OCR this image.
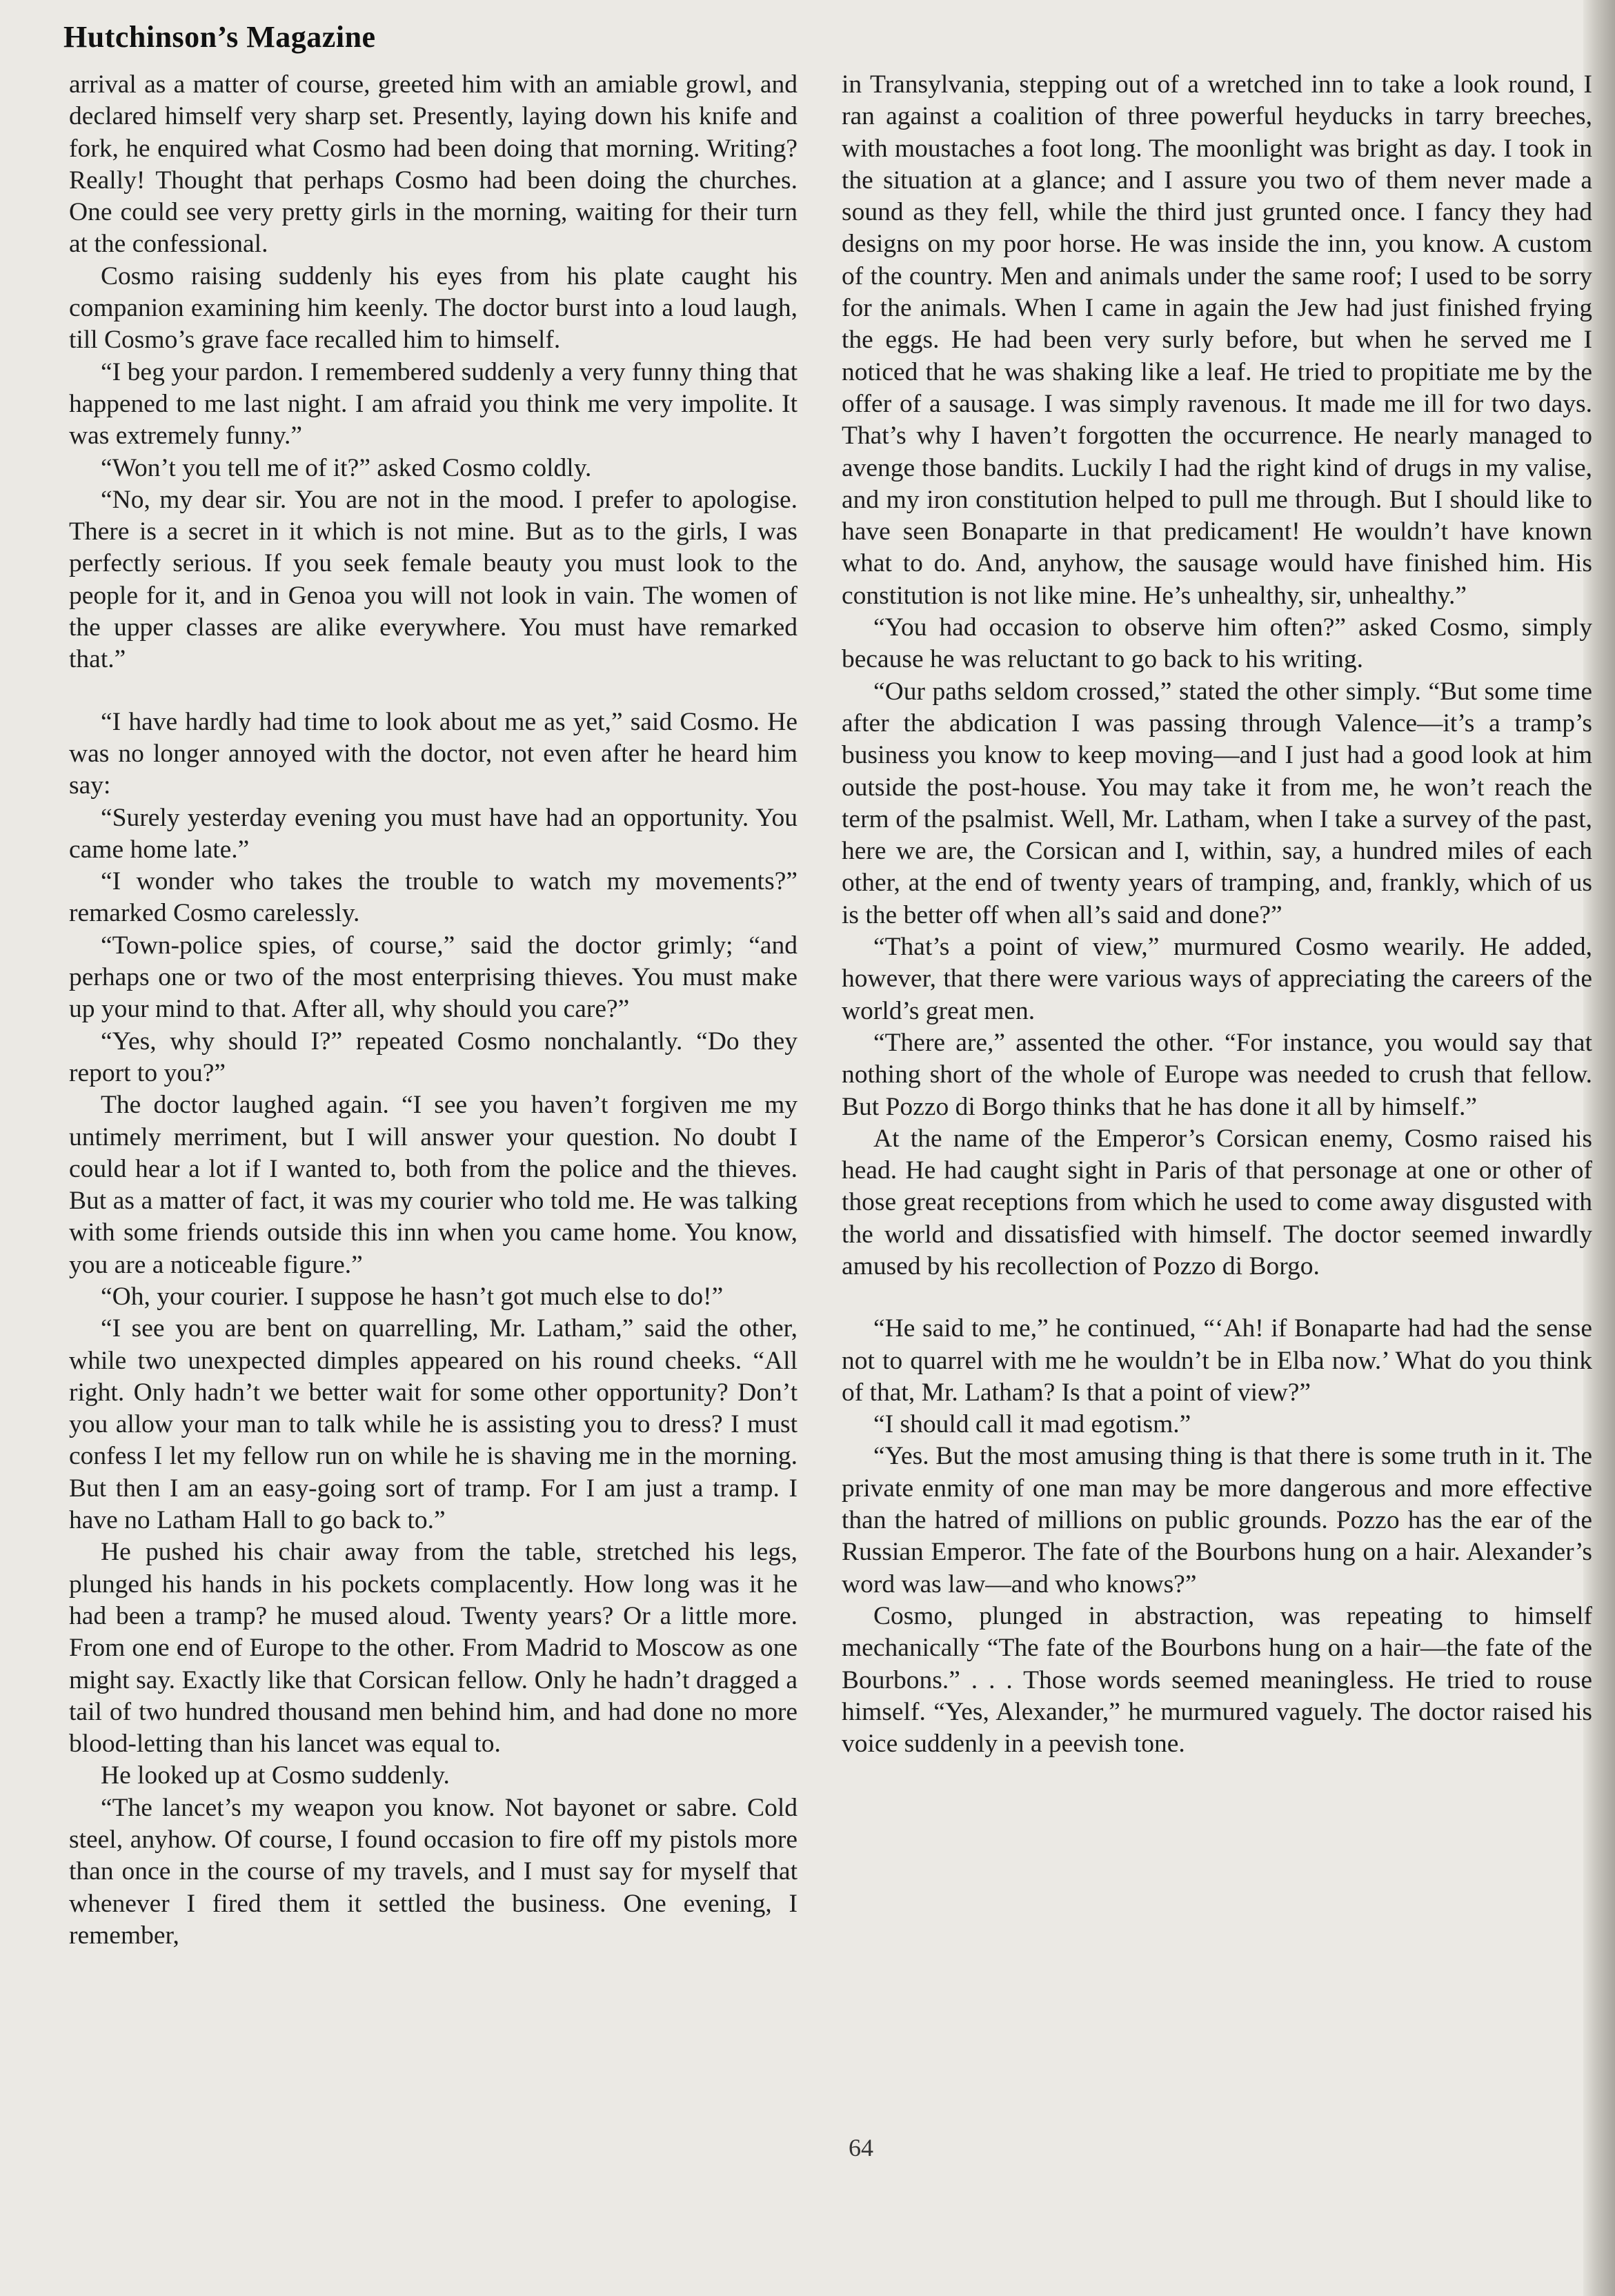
Hutchinson’s Magazine

arrival as a matter of course, greeted him with an amiable growl, and declared himself very sharp set. Presently, laying down his knife and fork, he enquired what Cosmo had been doing that morning. Writing? Really! Thought that perhaps Cosmo had been doing the churches. One could see very pretty girls in the morning, waiting for their turn at the confessional.

Cosmo raising suddenly his eyes from his plate caught his companion examining him keenly. The doctor burst into a loud laugh, till Cosmo’s grave face recalled him to himself.

“I beg your pardon. I remembered suddenly a very funny thing that happened to me last night. I am afraid you think me very impolite. It was extremely funny.”

“Won’t you tell me of it?” asked Cosmo coldly.

“No, my dear sir. You are not in the mood. I prefer to apologise. There is a secret in it which is not mine. But as to the girls, I was perfectly serious. If you seek female beauty you must look to the people for it, and in Genoa you will not look in vain. The women of the upper classes are alike everywhere. You must have remarked that.”

“I have hardly had time to look about me as yet,” said Cosmo. He was no longer annoyed with the doctor, not even after he heard him say:

“Surely yesterday evening you must have had an opportunity. You came home late.”

“I wonder who takes the trouble to watch my movements?” remarked Cosmo carelessly.

“Town-police spies, of course,” said the doctor grimly; “and perhaps one or two of the most enterprising thieves. You must make up your mind to that. After all, why should you care?”

“Yes, why should I?” repeated Cosmo nonchalantly. “Do they report to you?”

The doctor laughed again. “I see you haven’t forgiven me my untimely merriment, but I will answer your question. No doubt I could hear a lot if I wanted to, both from the police and the thieves. But as a matter of fact, it was my courier who told me. He was talking with some friends outside this inn when you came home. You know, you are a noticeable figure.”

“Oh, your courier. I suppose he hasn’t got much else to do!”

“I see you are bent on quarrelling, Mr. Latham,” said the other, while two unexpected dimples appeared on his round cheeks. “All right. Only hadn’t we better wait for some other opportunity? Don’t you allow your man to talk while he is assisting you to dress? I must confess I let my fellow run on while he is shaving me in the morning. But then I am an easy-going sort of tramp. For I am just a tramp. I have no Latham Hall to go back to.”

He pushed his chair away from the table, stretched his legs, plunged his hands in his pockets complacently. How long was it he had been a tramp? he mused aloud. Twenty years? Or a little more. From one end of Europe to the other. From Madrid to Moscow as one might say. Exactly like that Corsican fellow. Only he hadn’t dragged a tail of two hundred thousand men behind him, and had done no more blood-letting than his lancet was equal to.

He looked up at Cosmo suddenly.

“The lancet’s my weapon you know. Not bayonet or sabre. Cold steel, anyhow. Of course, I found occasion to fire off my pistols more than once in the course of my travels, and I must say for myself that whenever I fired them it settled the business. One evening, I remember,

in Transylvania, stepping out of a wretched inn to take a look round, I ran against a coalition of three powerful heyducks in tarry breeches, with moustaches a foot long. The moonlight was bright as day. I took in the situation at a glance; and I assure you two of them never made a sound as they fell, while the third just grunted once. I fancy they had designs on my poor horse. He was inside the inn, you know. A custom of the country. Men and animals under the same roof; I used to be sorry for the animals. When I came in again the Jew had just finished frying the eggs. He had been very surly before, but when he served me I noticed that he was shaking like a leaf. He tried to propitiate me by the offer of a sausage. I was simply ravenous. It made me ill for two days. That’s why I haven’t forgotten the occurrence. He nearly managed to avenge those bandits. Luckily I had the right kind of drugs in my valise, and my iron constitution helped to pull me through. But I should like to have seen Bonaparte in that predicament! He wouldn’t have known what to do. And, anyhow, the sausage would have finished him. His constitution is not like mine. He’s unhealthy, sir, unhealthy.”

“You had occasion to observe him often?” asked Cosmo, simply because he was reluctant to go back to his writing.

“Our paths seldom crossed,” stated the other simply. “But some time after the abdication I was passing through Valence—it’s a tramp’s business you know to keep moving—and I just had a good look at him outside the post-house. You may take it from me, he won’t reach the term of the psalmist. Well, Mr. Latham, when I take a survey of the past, here we are, the Corsican and I, within, say, a hundred miles of each other, at the end of twenty years of tramping, and, frankly, which of us is the better off when all’s said and done?”

“That’s a point of view,” murmured Cosmo wearily. He added, however, that there were various ways of appreciating the careers of the world’s great men.

“There are,” assented the other. “For instance, you would say that nothing short of the whole of Europe was needed to crush that fellow. But Pozzo di Borgo thinks that he has done it all by himself.”

At the name of the Emperor’s Corsican enemy, Cosmo raised his head. He had caught sight in Paris of that personage at one or other of those great receptions from which he used to come away disgusted with the world and dissatisfied with himself. The doctor seemed inwardly amused by his recollection of Pozzo di Borgo.

“He said to me,” he continued, “‘Ah! if Bonaparte had had the sense not to quarrel with me he wouldn’t be in Elba now.’ What do you think of that, Mr. Latham? Is that a point of view?”

“I should call it mad egotism.”

“Yes. But the most amusing thing is that there is some truth in it. The private enmity of one man may be more dangerous and more effective than the hatred of millions on public grounds. Pozzo has the ear of the Russian Emperor. The fate of the Bourbons hung on a hair. Alexander’s word was law—and who knows?”

Cosmo, plunged in abstraction, was repeating to himself mechanically “The fate of the Bourbons hung on a hair—the fate of the Bourbons.” . . . Those words seemed meaningless. He tried to rouse himself. “Yes, Alexander,” he murmured vaguely. The doctor raised his voice suddenly in a peevish tone.

64
